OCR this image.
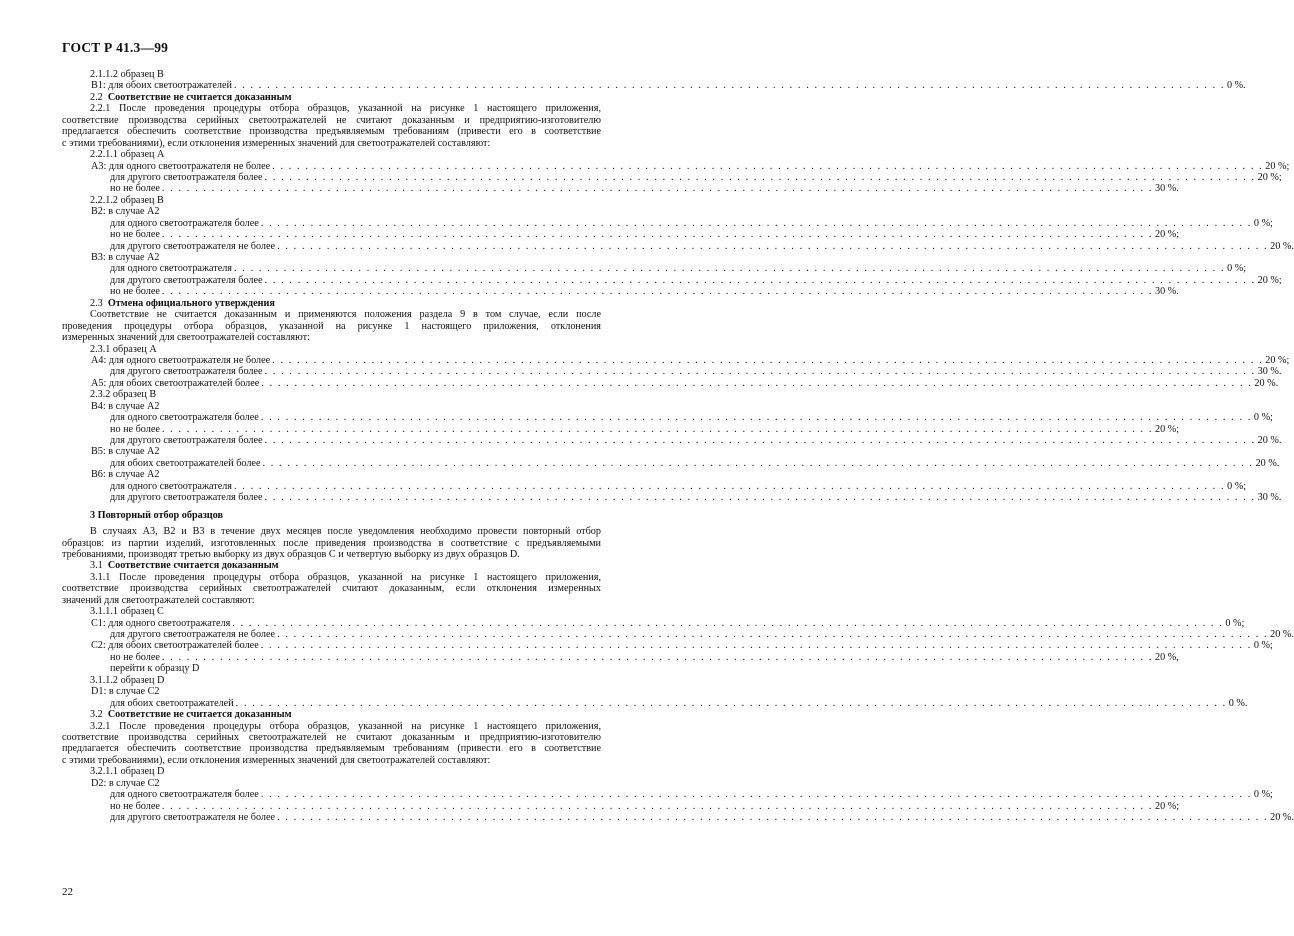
ГОСТ Р 41.3—99
2.1.1.2 образец В
B1: для обоих светоотражателей . . . . . . . . . . . . . . . . . . . . . . . . . . . . . . . . . . . . . . . . . . . . . . . . . . . . . . . . . . . . . . . . . . . . . . . . . . . . . . . . . . . . . . . . . . . . . . . . . . . . . . . . . . . . . . . . . . . . . . . . 0 %.
2.2 Соответствие не считается доказанным
2.2.1 После проведения процедуры отбора образцов, указанной на рисунке 1 настоящего приложения,
соответствие производства серийных светоотражателей не считают доказанным и предприятию-изготовителю
предлагается обеспечить соответствие производства предъявляемым требованиям (привести его в соответствие
с этими требованиями), если отклонения измеренных значений для светоотражателей составляют:
2.2.1.1 образец А
A3: для одного светоотражателя не более . . . . . . . . . . . . . . . . . . . . . . . . . . . . . . . . . . . . . . . . . . . . . . . . . . . . . . . . . . . . . . . . . . . . . . . . . . . . . . . . . . . . . . . . . . . . . . . . . . . . . . . . . . . . . . . . . . . . . . . . 20 %;
для другого светоотражателя более . . . . . . . . . . . . . . . . . . . . . . . . . . . . . . . . . . . . . . . . . . . . . . . . . . . . . . . . . . . . . . . . . . . . . . . . . . . . . . . . . . . . . . . . . . . . . . . . . . . . . . . . . . . . . . . . . . . . . . . . 20 %;
но не более . . . . . . . . . . . . . . . . . . . . . . . . . . . . . . . . . . . . . . . . . . . . . . . . . . . . . . . . . . . . . . . . . . . . . . . . . . . . . . . . . . . . . . . . . . . . . . . . . . . . . . . . . . . . . . . . . . . . . . . . 30 %.
2.2.1.2 образец В
B2: в случае A2
для одного светоотражателя более . . . . . . . . . . . . . . . . . . . . . . . . . . . . . . . . . . . . . . . . . . . . . . . . . . . . . . . . . . . . . . . . . . . . . . . . . . . . . . . . . . . . . . . . . . . . . . . . . . . . . . . . . . . . . . . . . . . . . . . . 0 %;
но не более . . . . . . . . . . . . . . . . . . . . . . . . . . . . . . . . . . . . . . . . . . . . . . . . . . . . . . . . . . . . . . . . . . . . . . . . . . . . . . . . . . . . . . . . . . . . . . . . . . . . . . . . . . . . . . . . . . . . . . . . 20 %;
для другого светоотражателя не более . . . . . . . . . . . . . . . . . . . . . . . . . . . . . . . . . . . . . . . . . . . . . . . . . . . . . . . . . . . . . . . . . . . . . . . . . . . . . . . . . . . . . . . . . . . . . . . . . . . . . . . . . . . . . . . . . . . . . . . . 20 %.
B3: в случае A2
для одного светоотражателя . . . . . . . . . . . . . . . . . . . . . . . . . . . . . . . . . . . . . . . . . . . . . . . . . . . . . . . . . . . . . . . . . . . . . . . . . . . . . . . . . . . . . . . . . . . . . . . . . . . . . . . . . . . . . . . . . . . . . . . . 0 %;
для другого светоотражателя более . . . . . . . . . . . . . . . . . . . . . . . . . . . . . . . . . . . . . . . . . . . . . . . . . . . . . . . . . . . . . . . . . . . . . . . . . . . . . . . . . . . . . . . . . . . . . . . . . . . . . . . . . . . . . . . . . . . . . . . . 20 %;
но не более . . . . . . . . . . . . . . . . . . . . . . . . . . . . . . . . . . . . . . . . . . . . . . . . . . . . . . . . . . . . . . . . . . . . . . . . . . . . . . . . . . . . . . . . . . . . . . . . . . . . . . . . . . . . . . . . . . . . . . . . 30 %.
2.3 Отмена официального утверждения
Соответствие не считается доказанным и применяются положения раздела 9 в том случае, если после
проведения процедуры отбора образцов, указанной на рисунке 1 настоящего приложения, отклонения
измеренных значений для светоотражателей составляют:
2.3.1 образец А
A4: для одного светоотражателя не более . . . . . . . . . . . . . . . . . . . . . . . . . . . . . . . . . . . . . . . . . . . . . . . . . . . . . . . . . . . . . . . . . . . . . . . . . . . . . . . . . . . . . . . . . . . . . . . . . . . . . . . . . . . . . . . . . . . . . . . . 20 %;
для другого светоотражателя более . . . . . . . . . . . . . . . . . . . . . . . . . . . . . . . . . . . . . . . . . . . . . . . . . . . . . . . . . . . . . . . . . . . . . . . . . . . . . . . . . . . . . . . . . . . . . . . . . . . . . . . . . . . . . . . . . . . . . . . . 30 %.
A5: для обоих светоотражателей более . . . . . . . . . . . . . . . . . . . . . . . . . . . . . . . . . . . . . . . . . . . . . . . . . . . . . . . . . . . . . . . . . . . . . . . . . . . . . . . . . . . . . . . . . . . . . . . . . . . . . . . . . . . . . . . . . . . . . . . . 20 %.
2.3.2 образец В
B4: в случае A2
для одного светоотражателя более . . . . . . . . . . . . . . . . . . . . . . . . . . . . . . . . . . . . . . . . . . . . . . . . . . . . . . . . . . . . . . . . . . . . . . . . . . . . . . . . . . . . . . . . . . . . . . . . . . . . . . . . . . . . . . . . . . . . . . . . 0 %;
но не более . . . . . . . . . . . . . . . . . . . . . . . . . . . . . . . . . . . . . . . . . . . . . . . . . . . . . . . . . . . . . . . . . . . . . . . . . . . . . . . . . . . . . . . . . . . . . . . . . . . . . . . . . . . . . . . . . . . . . . . . 20 %;
для другого светоотражателя более . . . . . . . . . . . . . . . . . . . . . . . . . . . . . . . . . . . . . . . . . . . . . . . . . . . . . . . . . . . . . . . . . . . . . . . . . . . . . . . . . . . . . . . . . . . . . . . . . . . . . . . . . . . . . . . . . . . . . . . . 20 %.
B5: в случае A2
для обоих светоотражателей более . . . . . . . . . . . . . . . . . . . . . . . . . . . . . . . . . . . . . . . . . . . . . . . . . . . . . . . . . . . . . . . . . . . . . . . . . . . . . . . . . . . . . . . . . . . . . . . . . . . . . . . . . . . . . . . . . . . . . . . . 20 %.
B6: в случае A2
для одного светоотражателя . . . . . . . . . . . . . . . . . . . . . . . . . . . . . . . . . . . . . . . . . . . . . . . . . . . . . . . . . . . . . . . . . . . . . . . . . . . . . . . . . . . . . . . . . . . . . . . . . . . . . . . . . . . . . . . . . . . . . . . . 0 %;
для другого светоотражателя более . . . . . . . . . . . . . . . . . . . . . . . . . . . . . . . . . . . . . . . . . . . . . . . . . . . . . . . . . . . . . . . . . . . . . . . . . . . . . . . . . . . . . . . . . . . . . . . . . . . . . . . . . . . . . . . . . . . . . . . . 30 %.
3 Повторный отбор образцов
В случаях A3, B2 и B3 в течение двух месяцев после уведомления необходимо провести повторный отбор
образцов: из партии изделий, изготовленных после приведения производства в соответствие с предъявляемыми
требованиями, производят третью выборку из двух образцов С и четвертую выборку из двух образцов D.
3.1 Соответствие считается доказанным
3.1.1 После проведения процедуры отбора образцов, указанной на рисунке 1 настоящего приложения,
соответствие производства серийных светоотражателей считают доказанным, если отклонения измеренных
значений для светоотражателей составляют:
3.1.1.1 образец С
C1: для одного светоотражателя . . . . . . . . . . . . . . . . . . . . . . . . . . . . . . . . . . . . . . . . . . . . . . . . . . . . . . . . . . . . . . . . . . . . . . . . . . . . . . . . . . . . . . . . . . . . . . . . . . . . . . . . . . . . . . . . . . . . . . . . 0 %;
для другого светоотражателя не более . . . . . . . . . . . . . . . . . . . . . . . . . . . . . . . . . . . . . . . . . . . . . . . . . . . . . . . . . . . . . . . . . . . . . . . . . . . . . . . . . . . . . . . . . . . . . . . . . . . . . . . . . . . . . . . . . . . . . . . . 20 %.
C2: для обоих светоотражателей более . . . . . . . . . . . . . . . . . . . . . . . . . . . . . . . . . . . . . . . . . . . . . . . . . . . . . . . . . . . . . . . . . . . . . . . . . . . . . . . . . . . . . . . . . . . . . . . . . . . . . . . . . . . . . . . . . . . . . . . . 0 %;
но не более . . . . . . . . . . . . . . . . . . . . . . . . . . . . . . . . . . . . . . . . . . . . . . . . . . . . . . . . . . . . . . . . . . . . . . . . . . . . . . . . . . . . . . . . . . . . . . . . . . . . . . . . . . . . . . . . . . . . . . . . 20 %,
перейти к образцу D
3.1.1.2 образец D
D1: в случае C2
для обоих светоотражателей . . . . . . . . . . . . . . . . . . . . . . . . . . . . . . . . . . . . . . . . . . . . . . . . . . . . . . . . . . . . . . . . . . . . . . . . . . . . . . . . . . . . . . . . . . . . . . . . . . . . . . . . . . . . . . . . . . . . . . . . 0 %.
3.2 Соответствие не считается доказанным
3.2.1 После проведения процедуры отбора образцов, указанной на рисунке 1 настоящего приложения,
соответствие производства серийных светоотражателей не считают доказанным и предприятию-изготовителю
предлагается обеспечить соответствие производства предъявляемым требованиям (привести его в соответствие
с этими требованиями), если отклонения измеренных значений для светоотражателей составляют:
3.2.1.1 образец D
D2: в случае C2
для одного светоотражателя более . . . . . . . . . . . . . . . . . . . . . . . . . . . . . . . . . . . . . . . . . . . . . . . . . . . . . . . . . . . . . . . . . . . . . . . . . . . . . . . . . . . . . . . . . . . . . . . . . . . . . . . . . . . . . . . . . . . . . . . . 0 %;
но не более . . . . . . . . . . . . . . . . . . . . . . . . . . . . . . . . . . . . . . . . . . . . . . . . . . . . . . . . . . . . . . . . . . . . . . . . . . . . . . . . . . . . . . . . . . . . . . . . . . . . . . . . . . . . . . . . . . . . . . . . 20 %;
для другого светоотражателя не более . . . . . . . . . . . . . . . . . . . . . . . . . . . . . . . . . . . . . . . . . . . . . . . . . . . . . . . . . . . . . . . . . . . . . . . . . . . . . . . . . . . . . . . . . . . . . . . . . . . . . . . . . . . . . . . . . . . . . . . . 20 %.
22
